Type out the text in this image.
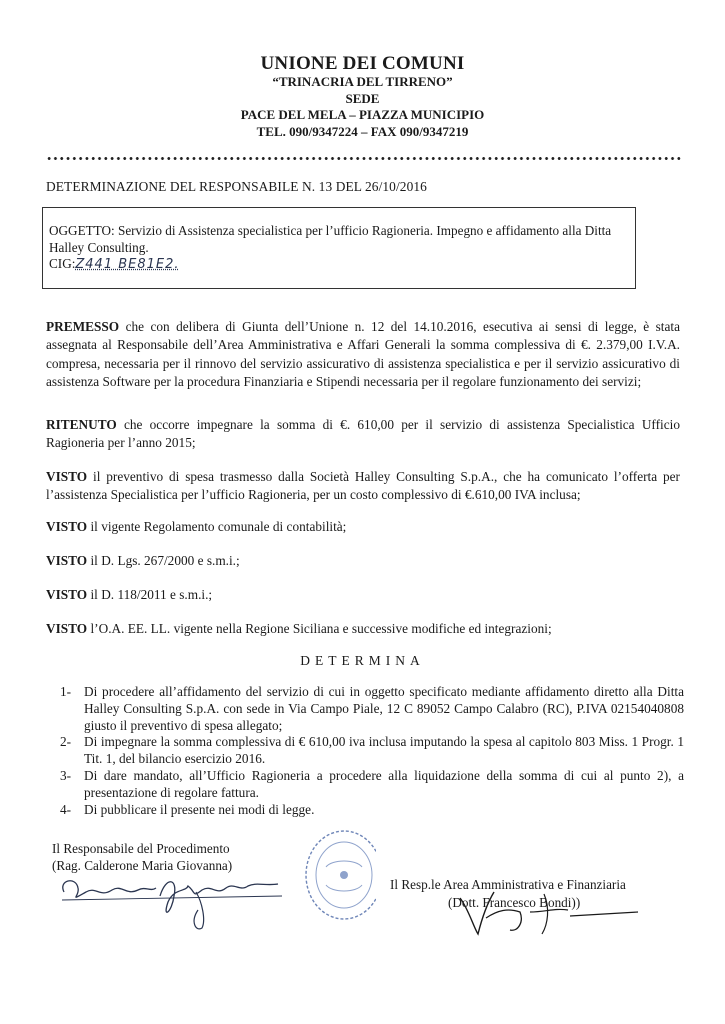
UNIONE DEI COMUNI
“TRINACRIA DEL TIRRENO”
SEDE
PACE DEL MELA – PIAZZA MUNICIPIO
TEL. 090/9347224 – FAX 090/9347219
DETERMINAZIONE DEL RESPONSABILE N. 13 DEL 26/10/2016
OGGETTO: Servizio di Assistenza specialistica per l’ufficio Ragioneria. Impegno e affidamento alla Ditta Halley Consulting.
CIG:Z441 BE81E2.
PREMESSO che con delibera di Giunta dell’Unione n. 12 del 14.10.2016, esecutiva ai sensi di legge, è stata assegnata al Responsabile dell’Area Amministrativa e Affari Generali la somma complessiva di €. 2.379,00 I.V.A. compresa, necessaria per il rinnovo del servizio assicurativo di assistenza specialistica e per il servizio assicurativo di assistenza Software per la procedura Finanziaria e Stipendi necessaria per il regolare funzionamento dei servizi;
RITENUTO che occorre impegnare la somma di €. 610,00 per il servizio di assistenza Specialistica Ufficio Ragioneria per l’anno 2015;
VISTO il preventivo di spesa trasmesso dalla Società Halley Consulting S.p.A., che ha comunicato l’offerta per l’assistenza Specialistica per l’ufficio Ragioneria, per un costo complessivo di €.610,00 IVA inclusa;
VISTO il vigente Regolamento comunale di contabilità;
VISTO il D. Lgs. 267/2000 e s.m.i.;
VISTO il D. 118/2011 e s.m.i.;
VISTO l’O.A. EE. LL. vigente nella Regione Siciliana e successive modifiche ed integrazioni;
DETERMINA
1- Di procedere all’affidamento del servizio di cui in oggetto specificato mediante affidamento diretto alla Ditta Halley Consulting S.p.A. con sede in Via Campo Piale, 12 C 89052 Campo Calabro (RC), P.IVA 02154040808 giusto il preventivo di spesa allegato;
2- Di impegnare la somma complessiva di € 610,00 iva inclusa imputando la spesa al capitolo 803 Miss. 1 Progr. 1 Tit. 1, del bilancio esercizio 2016.
3- Di dare mandato, all’Ufficio Ragioneria a procedere alla liquidazione della somma di cui al punto 2), a presentazione di regolare fattura.
4- Di pubblicare il presente nei modi di legge.
Il Responsabile del Procedimento
(Rag. Calderone Maria Giovanna)
Il Resp.le Area Amministrativa e Finanziaria
(Dott. Francesco Bondi))
